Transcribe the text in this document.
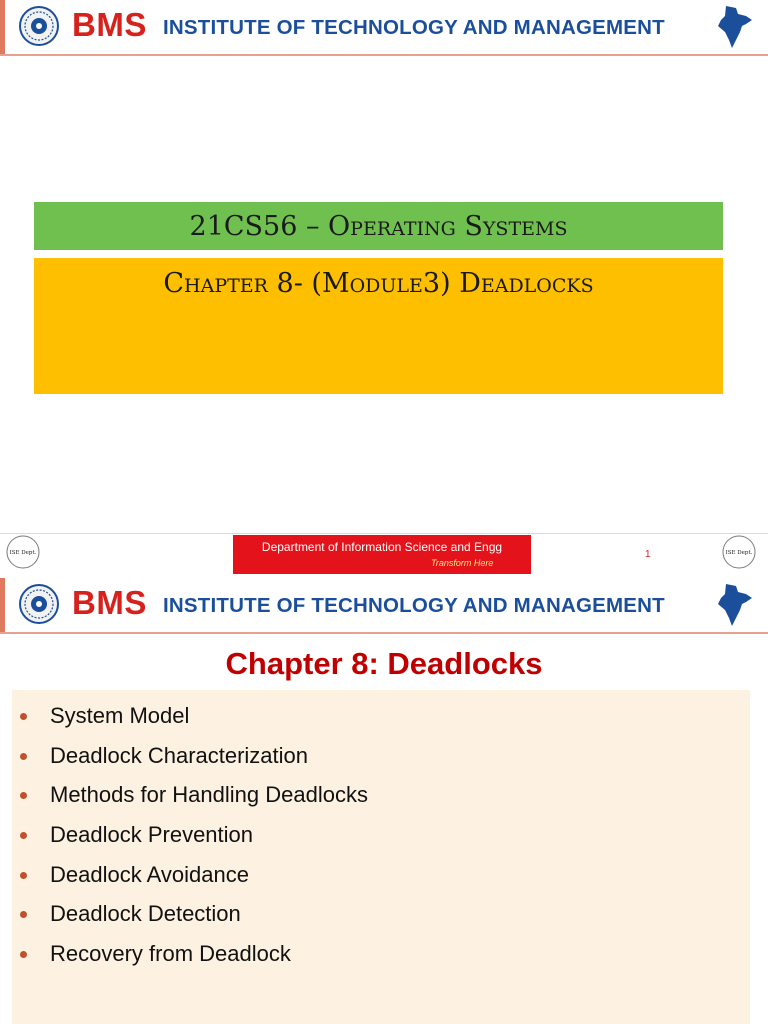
BMS INSTITUTE OF TECHNOLOGY AND MANAGEMENT
21CS56 – Operating Systems
Chapter 8- (Module3) Deadlocks
ISE Dept.	Department of Information Science and Engg
Transform Here
1	ISE Dept.
BMS INSTITUTE OF TECHNOLOGY AND MANAGEMENT
Chapter 8: Deadlocks
System Model
Deadlock Characterization
Methods for Handling Deadlocks
Deadlock Prevention
Deadlock Avoidance
Deadlock Detection
Recovery from Deadlock
